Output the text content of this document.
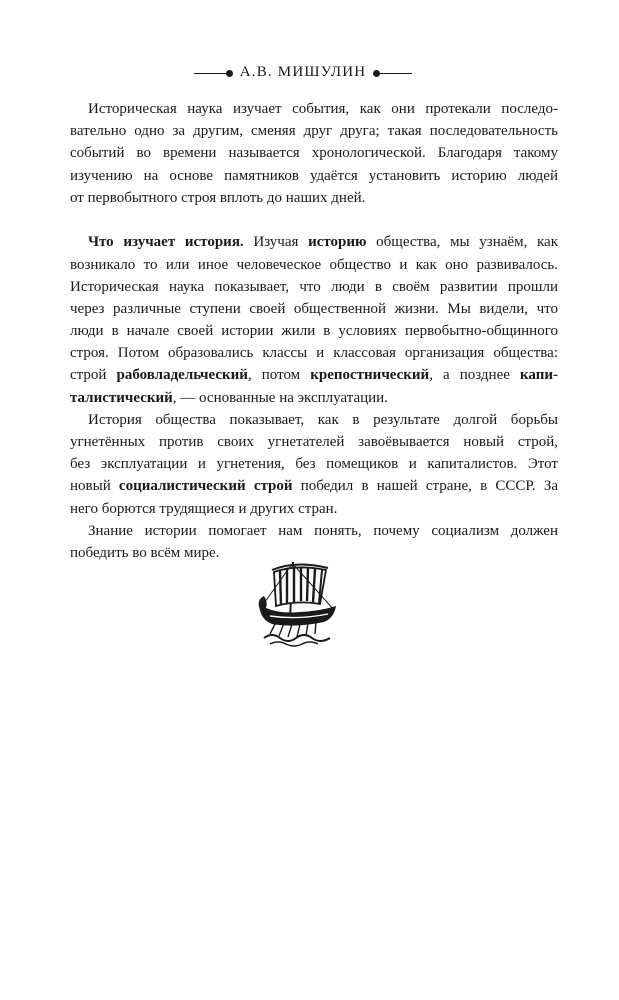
А.В. МИШУЛИН
Историческая наука изучает события, как они протекали последо-
вательно одно за другим, сменяя друг друга; такая последовательность
событий во времени называется хронологической. Благодаря такому
изучению на основе памятников удаётся установить историю людей
от первобытного строя вплоть до наших дней.
Что изучает история. Изучая историю общества, мы узнаём, как
возникало то или иное человеческое общество и как оно развивалось.
Историческая наука показывает, что люди в своём развитии прошли
через различные ступени своей общественной жизни. Мы видели, что
люди в начале своей истории жили в условиях первобытно-общинного
строя. Потом образовались классы и классовая организация общества:
строй рабовладельческий, потом крепостнический, а позднее капи-
талистический, — основанные на эксплуатации.
История общества показывает, как в результате долгой борьбы
угнетённых против своих угнетателей завоёвывается новый строй,
без эксплуатации и угнетения, без помещиков и капиталистов. Этот
новый социалистический строй победил в нашей стране, в СССР. За
него борются трудящиеся и других стран.
Знание истории помогает нам понять, почему социализм должен
победить во всём мире.
